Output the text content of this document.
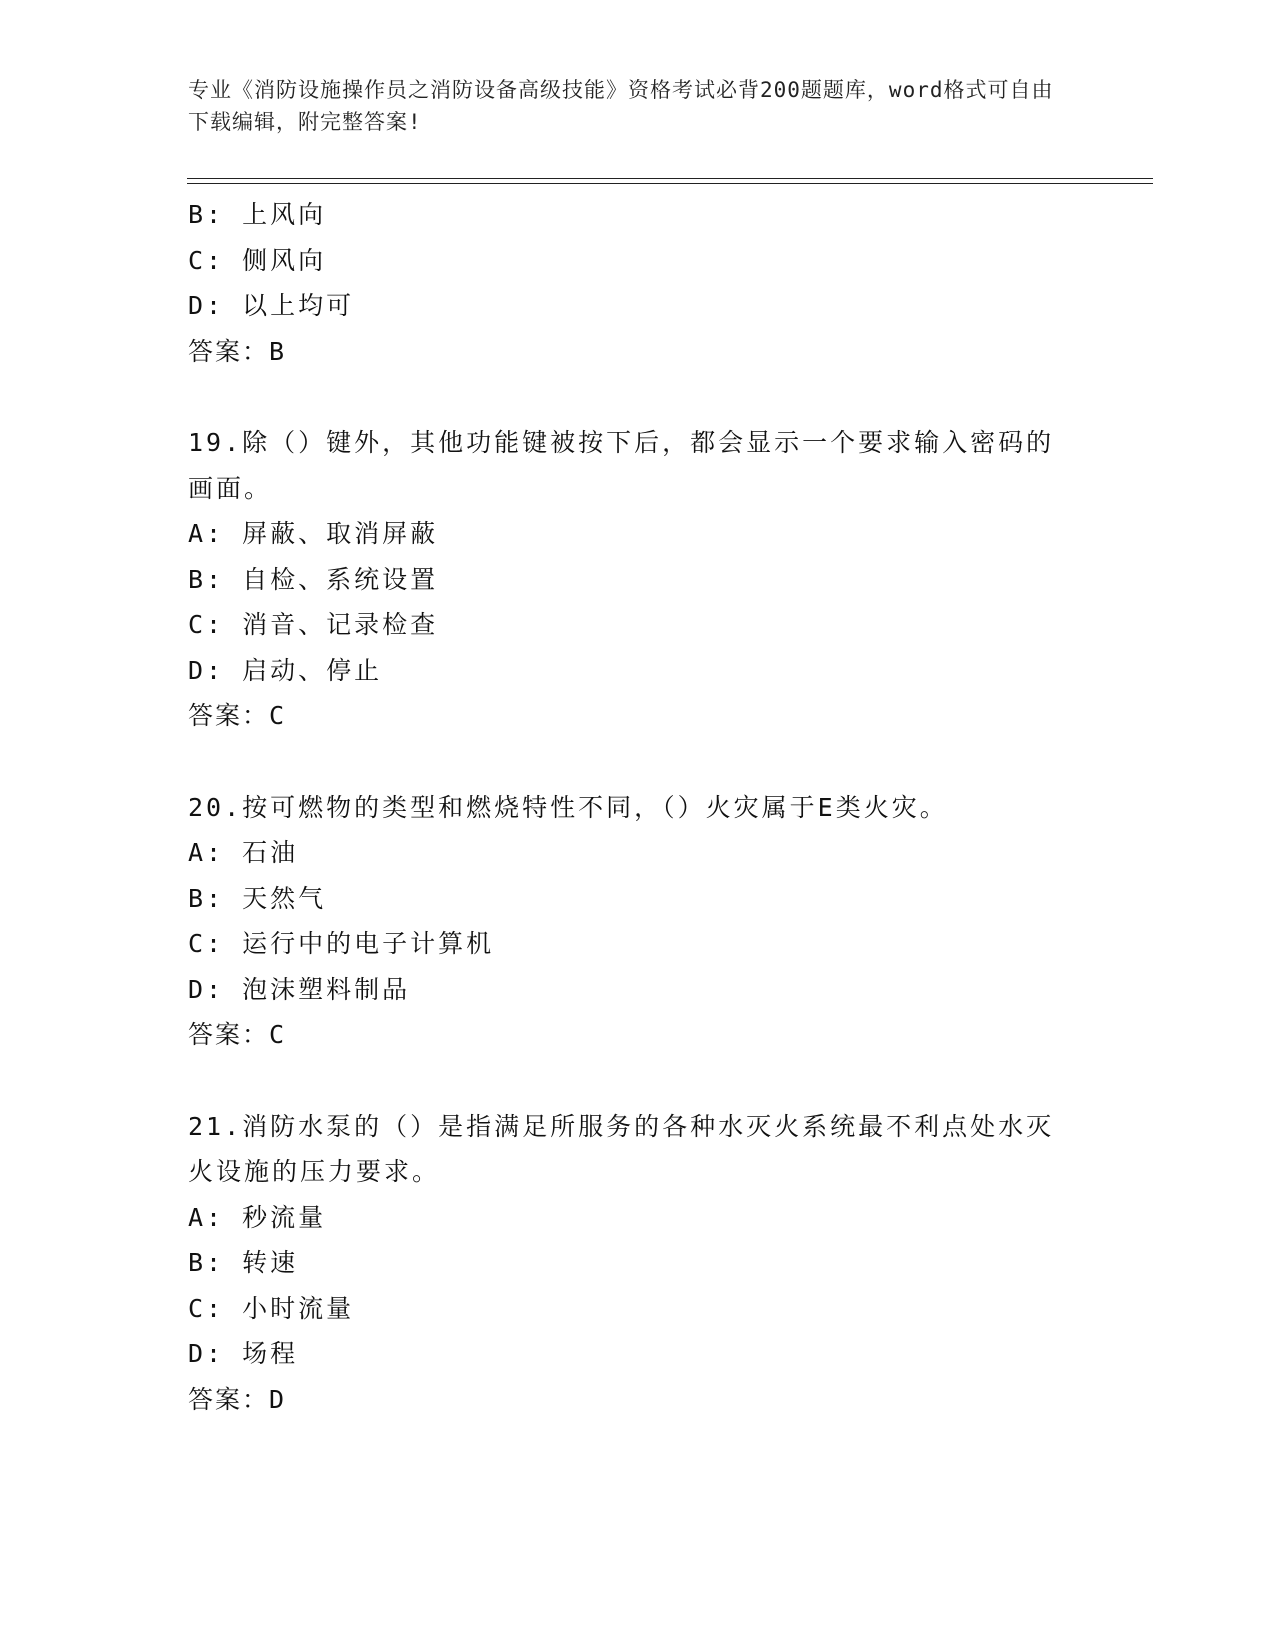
专业《消防设施操作员之消防设备高级技能》资格考试必背200题题库，word格式可自由下载编辑，附完整答案!
B: 上风向
C: 侧风向
D: 以上均可
答案：B
19.除（）键外，其他功能键被按下后，都会显示一个要求输入密码的画面。
A: 屏蔽、取消屏蔽
B: 自检、系统设置
C: 消音、记录检查
D: 启动、停止
答案：C
20.按可燃物的类型和燃烧特性不同，（）火灾属于E类火灾。
A: 石油
B: 天然气
C: 运行中的电子计算机
D: 泡沫塑料制品
答案：C
21.消防水泵的（）是指满足所服务的各种水灭火系统最不利点处水灭火设施的压力要求。
A: 秒流量
B: 转速
C: 小时流量
D: 场程
答案：D
